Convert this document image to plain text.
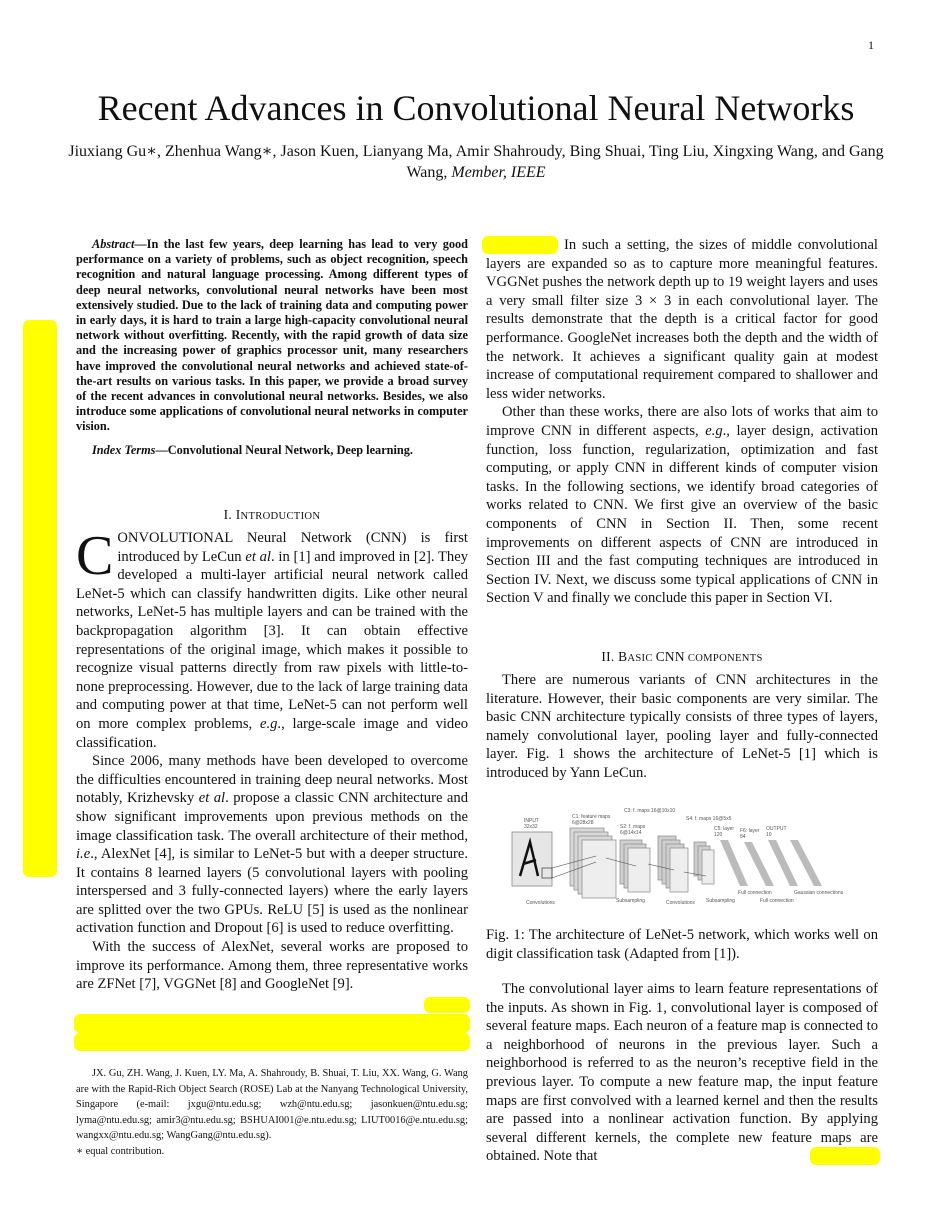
1
Recent Advances in Convolutional Neural Networks
Jiuxiang Gu∗, Zhenhua Wang∗, Jason Kuen, Lianyang Ma, Amir Shahroudy, Bing Shuai, Ting Liu, Xingxing Wang, and Gang Wang, Member, IEEE

Abstract—In the last few years, deep learning has lead to very good performance on a variety of problems, such as object recognition, speech recognition and natural language processing. Among different types of deep neural networks, convolutional neural networks have been most extensively studied. Due to the lack of training data and computing power in early days, it is hard to train a large high-capacity convolutional neural network without overfitting. Recently, with the rapid growth of data size and the increasing power of graphics processor unit, many researchers have improved the convolutional neural networks and achieved state-of-the-art results on various tasks. In this paper, we provide a broad survey of the recent advances in convolutional neural networks. Besides, we also introduce some applications of convolutional neural networks in computer vision.

Index Terms—Convolutional Neural Network, Deep learning.

I. INTRODUCTION

CONVOLUTIONAL Neural Network (CNN) is first introduced by LeCun et al. in [1] and improved in [2]. They developed a multi-layer artificial neural network called LeNet-5 which can classify handwritten digits. Like other neural networks, LeNet-5 has multiple layers and can be trained with the backpropagation algorithm [3]. It can obtain effective representations of the original image, which makes it possible to recognize visual patterns directly from raw pixels with little-to-none preprocessing. However, due to the lack of large training data and computing power at that time, LeNet-5 can not perform well on more complex problems, e.g., large-scale image and video classification.

Since 2006, many methods have been developed to overcome the difficulties encountered in training deep neural networks. Most notably, Krizhevsky et al. propose a classic CNN architecture and show significant improvements upon previous methods on the image classification task. The overall architecture of their method, i.e., AlexNet [4], is similar to LeNet-5 but with a deeper structure. It contains 8 learned layers (5 convolutional layers with pooling interspersed and 3 fully-connected layers) where the early layers are splitted over the two GPUs. ReLU [5] is used as the nonlinear activation function and Dropout [6] is used to reduce overfitting.

With the success of AlexNet, several works are proposed to improve its performance. Among them, three representative works are ZFNet [7], VGGNet [8] and GoogleNet [9].

JX. Gu, ZH. Wang, J. Kuen, LY. Ma, A. Shahroudy, B. Shuai, T. Liu, XX. Wang, G. Wang are with the Rapid-Rich Object Search (ROSE) Lab at the Nanyang Technological University, Singapore (e-mail: jxgu@ntu.edu.sg; wzh@ntu.edu.sg; jasonkuen@ntu.edu.sg; lyma@ntu.edu.sg; amir3@ntu.edu.sg; BSHUAI001@e.ntu.edu.sg; LIUT0016@e.ntu.edu.sg; wangxx@ntu.edu.sg; WangGang@ntu.edu.sg).

∗ equal contribution.

In such a setting, the sizes of middle convolutional layers are expanded so as to capture more meaningful features. VGGNet pushes the network depth up to 19 weight layers and uses a very small filter size 3 × 3 in each convolutional layer. The results demonstrate that the depth is a critical factor for good performance. GoogleNet increases both the depth and the width of the network. It achieves a significant quality gain at modest increase of computational requirement compared to shallower and less wider networks.

Other than these works, there are also lots of works that aim to improve CNN in different aspects, e.g., layer design, activation function, loss function, regularization, optimization and fast computing, or apply CNN in different kinds of computer vision tasks. In the following sections, we identify broad categories of works related to CNN. We first give an overview of the basic components of CNN in Section II. Then, some recent improvements on different aspects of CNN are introduced in Section III and the fast computing techniques are introduced in Section IV. Next, we discuss some typical applications of CNN in Section V and finally we conclude this paper in Section VI.

II. BASIC CNN COMPONENTS

There are numerous variants of CNN architectures in the literature. However, their basic components are very similar. The basic CNN architecture typically consists of three types of layers, namely convolutional layer, pooling layer and fully-connected layer. Fig. 1 shows the architecture of LeNet-5 [1] which is introduced by Yann LeCun.

INPUT
32x32
C1: feature maps
6@28x28
C3: f. maps 16@10x10
S2: f. maps
6@14x14
S4: f. maps 16@5x5
C5: layer
120
F6: layer
84
OUTPUT
10
Convolutions	Subsampling	Convolutions Subsampling
Full connection
Full connection
Gaussian connections
Fig. 1: The architecture of LeNet-5 network, which works well on digit classification task (Adapted from [1]).

The convolutional layer aims to learn feature representations of the inputs. As shown in Fig. 1, convolutional layer is composed of several feature maps. Each neuron of a feature map is connected to a neighborhood of neurons in the previous layer. Such a neighborhood is referred to as the neuron’s receptive field in the previous layer. To compute a new feature map, the input feature maps are first convolved with a learned kernel and then the results are passed into a nonlinear activation function. By applying several different kernels, the complete new feature maps are obtained. Note that
